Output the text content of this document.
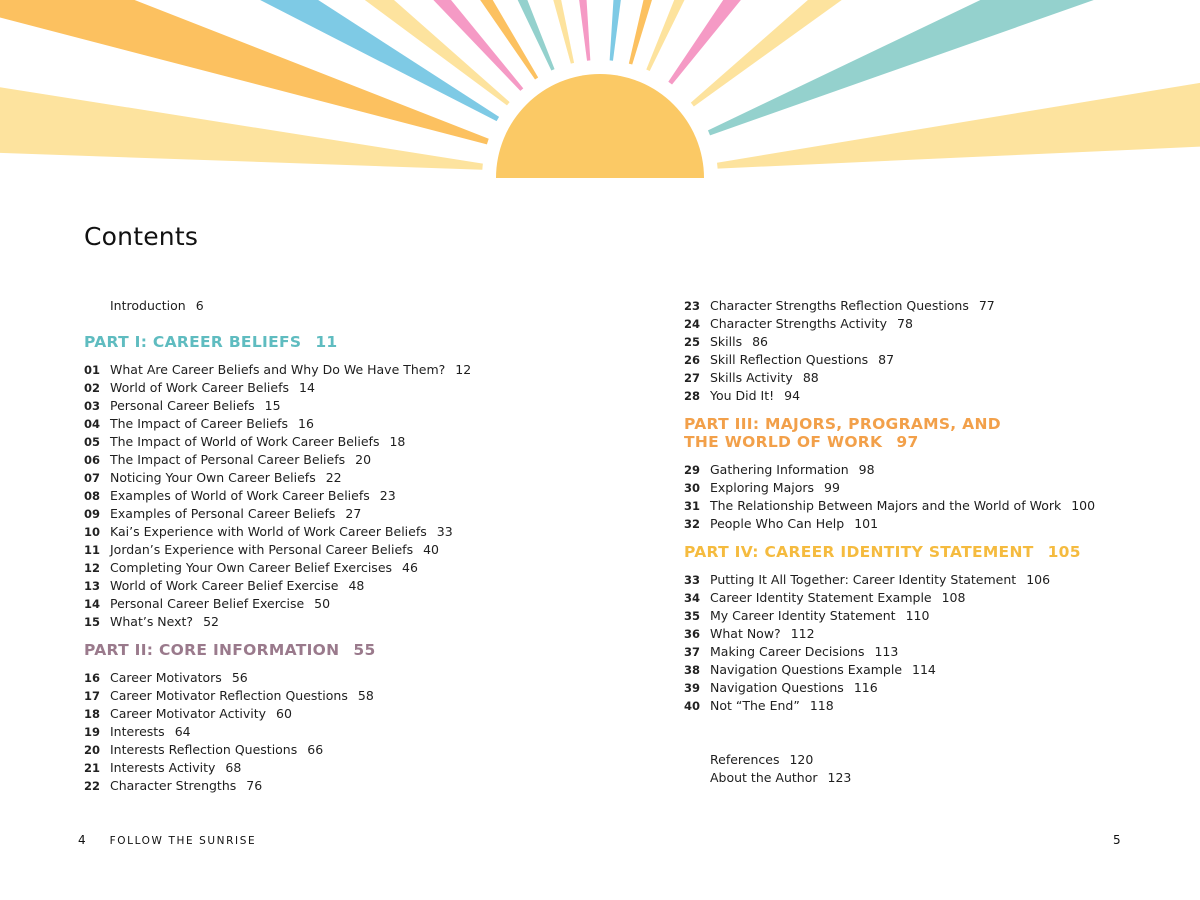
Contents
Introduction 6

PART I: CAREER BELIEFS 11

01 What Are Career Beliefs and Why Do We Have Them? 12
02 World of Work Career Beliefs 14
03 Personal Career Beliefs 15
04 The Impact of Career Beliefs 16
05 The Impact of World of Work Career Beliefs 18
06 The Impact of Personal Career Beliefs 20
07 Noticing Your Own Career Beliefs 22
08 Examples of World of Work Career Beliefs 23
09 Examples of Personal Career Beliefs 27
10 Kai’s Experience with World of Work Career Beliefs 33
11 Jordan’s Experience with Personal Career Beliefs 40
12 Completing Your Own Career Belief Exercises 46
13 World of Work Career Belief Exercise 48
14 Personal Career Belief Exercise 50
15 What’s Next? 52

PART II: CORE INFORMATION 55

16 Career Motivators 56
17 Career Motivator Reflection Questions 58
18 Career Motivator Activity 60
19 Interests 64
20 Interests Reflection Questions 66
21 Interests Activity 68
22 Character Strengths 76
23 Character Strengths Reflection Questions 77
24 Character Strengths Activity 78
25 Skills 86
26 Skill Reflection Questions 87
27 Skills Activity 88
28 You Did It! 94

PART III: MAJORS, PROGRAMS, AND
THE WORLD OF WORK 97

29 Gathering Information 98
30 Exploring Majors 99
31 The Relationship Between Majors and the World of Work 100
32 People Who Can Help 101

PART IV: CAREER IDENTITY STATEMENT 105

33 Putting It All Together: Career Identity Statement 106
34 Career Identity Statement Example 108
35 My Career Identity Statement 110
36 What Now? 112
37 Making Career Decisions 113
38 Navigation Questions Example 114
39 Navigation Questions 116
40 Not “The End” 118
References 120
About the Author 123
4 FOLLOW THE SUNRISE	5
